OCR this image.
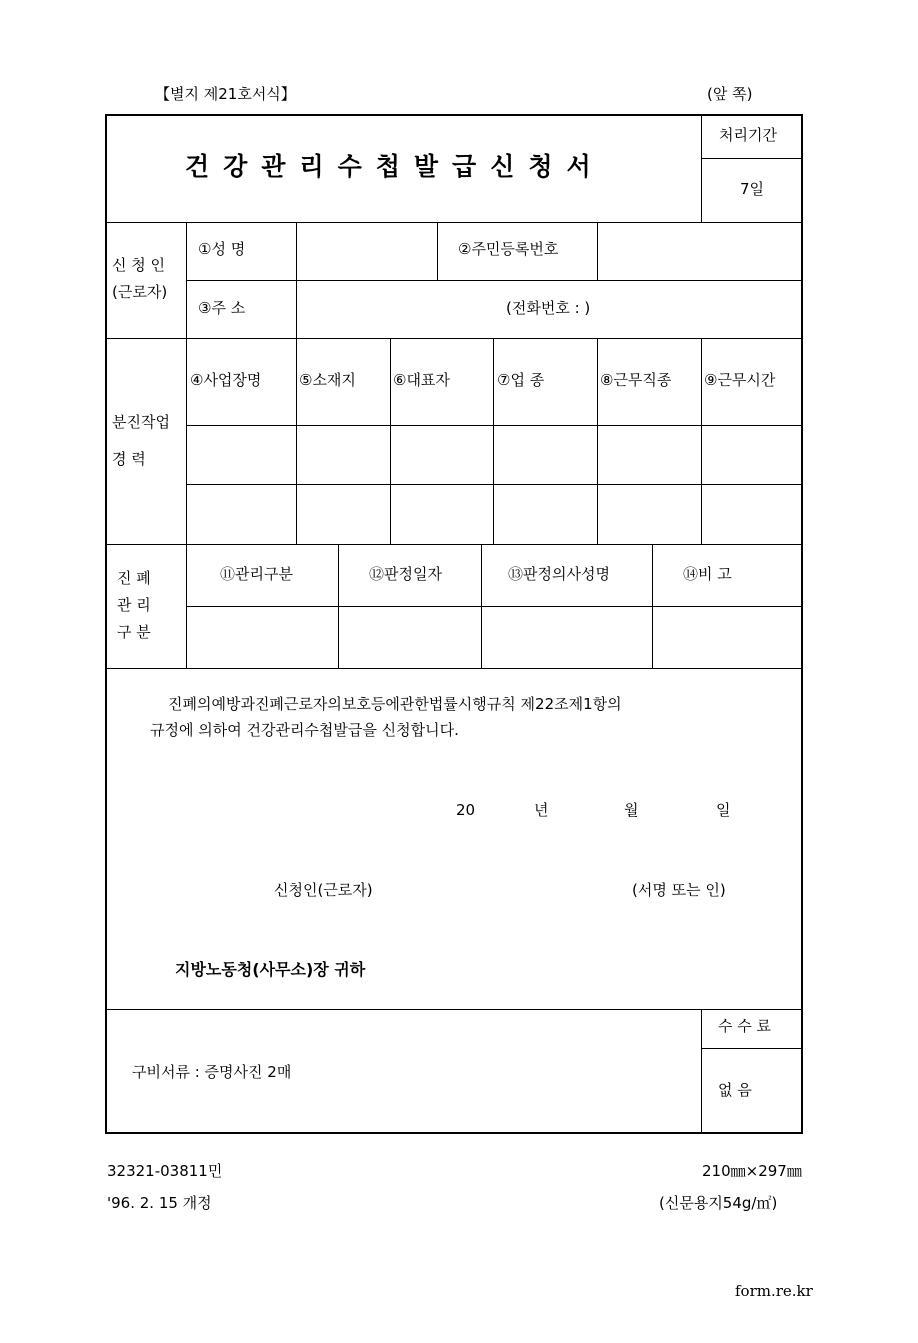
【별지 제21호서식】	(앞 쪽)
건강관리수첩발급신청서
처리기간
7일
신 청 인
(근로자)
①성 명	②주민등록번호
③주 소	(전화번호 : )
분진작업
경 력
④사업장명	⑤소재지 ⑥대표자	⑦업 종	⑧근무직종 ⑨근무시간
진 폐
관 리
구 분
⑪관리구분	⑫판정일자	⑬판정의사성명	⑭비 고
진폐의예방과진폐근로자의보호등에관한법률시행규칙 제22조제1항의
규정에 의하여 건강관리수첩발급을 신청합니다.
20	년	월	일
신청인(근로자)	(서명 또는 인)
지방노동청(사무소)장 귀하
구비서류 : 증명사진 2매
수 수 료
없 음
32321-03811민	210㎜×297㎜
'96. 2. 15 개정	(신문용지54g/㎡)
form.re.kr
